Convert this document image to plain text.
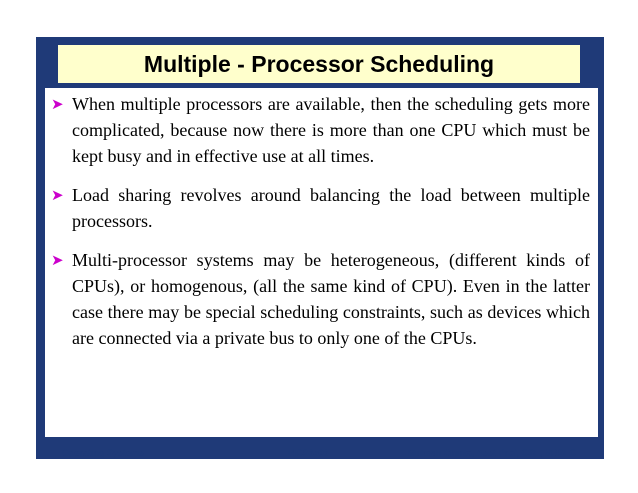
Multiple - Processor Scheduling
➤ When multiple processors are available, then the scheduling gets more complicated, because now there is more than one CPU which must be kept busy and in effective use at all times.
➤ Load sharing revolves around balancing the load between multiple processors.
➤ Multi-processor systems may be heterogeneous, (different kinds of CPUs), or homogenous, (all the same kind of CPU). Even in the latter case there may be special scheduling constraints, such as devices which are connected via a private bus to only one of the CPUs.
Operating Systems	14CS3503	Mukesh Chinta, Asst Prof, CSE, VRSEC
